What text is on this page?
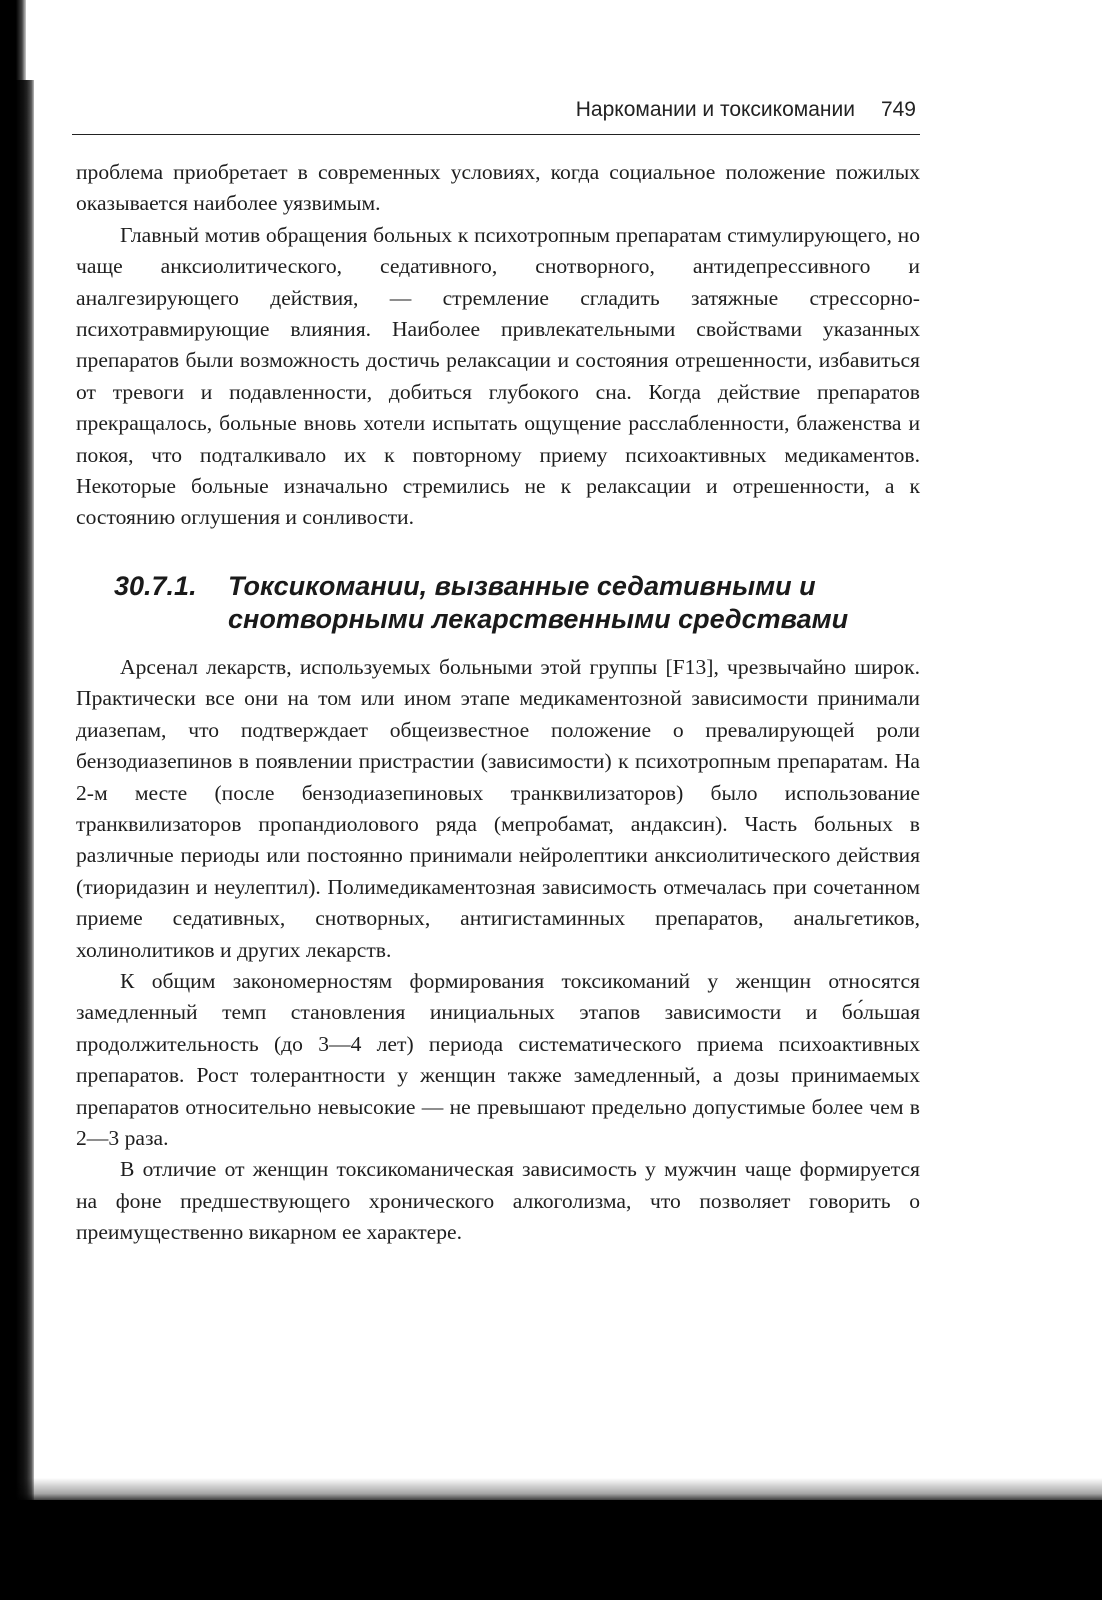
Наркомании и токсикомании 749

проблема приобретает в современных условиях, когда социальное положение пожилых оказывается наиболее уязвимым.

Главный мотив обращения больных к психотропным препаратам стимулирующего, но чаще анксиолитического, седативного, снотворного, антидепрессивного и аналгезирующего действия, — стремление сгладить затяжные стрессорно-психотравмирующие влияния. Наиболее привлекательными свойствами указанных препаратов были возможность достичь релаксации и состояния отрешенности, избавиться от тревоги и подавленности, добиться глубокого сна. Когда действие препаратов прекращалось, больные вновь хотели испытать ощущение расслабленности, блаженства и покоя, что подталкивало их к повторному приему психоактивных медикаментов. Некоторые больные изначально стремились не к релаксации и отрешенности, а к состоянию оглушения и сонливости.

30.7.1. Токсикомании, вызванные седативными и снотворными лекарственными средствами

Арсенал лекарств, используемых больными этой группы [F13], чрезвычайно широк. Практически все они на том или ином этапе медикаментозной зависимости принимали диазепам, что подтверждает общеизвестное положение о превалирующей роли бензодиазепинов в появлении пристрастии (зависимости) к психотропным препаратам. На 2-м месте (после бензодиазепиновых транквилизаторов) было использование транквилизаторов пропандиолового ряда (мепробамат, андаксин). Часть больных в различные периоды или постоянно принимали нейролептики анксиолитического действия (тиоридазин и неулептил). Полимедикаментозная зависимость отмечалась при сочетанном приеме седативных, снотворных, антигистаминных препаратов, анальгетиков, холинолитиков и других лекарств.

К общим закономерностям формирования токсикоманий у женщин относятся замедленный темп становления инициальных этапов зависимости и бо́льшая продолжительность (до 3—4 лет) периода систематического приема психоактивных препаратов. Рост толерантности у женщин также замедленный, а дозы принимаемых препаратов относительно невысокие — не превышают предельно допустимые более чем в 2—3 раза.

В отличие от женщин токсикоманическая зависимость у мужчин чаще формируется на фоне предшествующего хронического алкоголизма, что позволяет говорить о преимущественно викарном ее характере.
